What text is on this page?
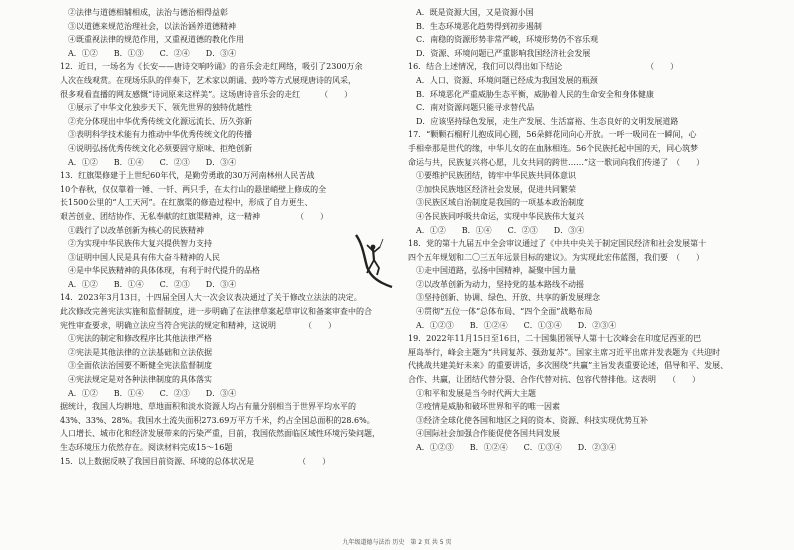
②法律与道德相辅相成，法治与德治相得益彰
③以道德来规范治理社会，以法治涵养道德精神
④既重视法律的规范作用，又重视道德的教化作用
A．①②　　B．①③　　C．②④　　D．③④
12．近日，一场名为《长安——唐诗交响吟诵》的音乐会走红网络，吸引了2300万余
人次在线观赏。在现场乐队的伴奏下，艺术家以朗诵、鼓吟等方式展现唐诗的风采，
很多观看直播的网友感慨“诗词原来这样美”。这场唐诗音乐会的走红　　　（　　）
①展示了中华文化独步天下、领先世界的独特优越性
②充分体现出中华优秀传统文化源远流长、历久弥新
③表明科学技术能有力推动中华优秀传统文化的传播
④说明弘扬优秀传统文化必须要固守原味、拒绝创新
A．①②　　B．①④　　C．②③　　D．③④
13．红旗渠修建于上世纪60年代，是勤劳勇敢的30万河南林州人民苦战
10个春秋，仅仅靠着一锤、一钎、两只手，在太行山的悬崖峭壁上修成的全
长1500公里的“人工天河”。在红旗渠的修造过程中，形成了自力更生、
艰苦创业、团结协作、无私奉献的红旗渠精神，这一精神　　　　　（　　）
①践行了以改革创新为核心的民族精神
②为实现中华民族伟大复兴提供智力支持
③证明中国人民是具有伟大奋斗精神的人民
④是中华民族精神的具体体现，有利于时代提升的品格
A．①②　　B．①④　　C．②③　　D．③④
14．2023年3月13日，十四届全国人大一次会议表决通过了关于修改立法法的决定。
此次修改完善宪法实施和监督制度，进一步明确了在法律草案起草审议和备案审查中的合
宪性审查要求，明确立法应当符合宪法的规定和精神，这说明　　　　（　　）
①宪法的制定和修改程序比其他法律严格
②宪法是其他法律的立法基础和立法依据
③全面依法治国要不断健全宪法监督制度
④宪法规定是对各种法律制度的具体落实
A．①②　　B．①④　　C．②③　　D．③④
据统计，我国人均耕地、草地面积和淡水资源人均占有量分别相当于世界平均水平的
43%、33%、28%。我国水土流失面积273.69万平方千米，约占全国总面积的28.6%。
人口增长、城市化和经济发展带来的污染严重，目前，我国依然面临区域性环境污染问题，
生态环境压力依然存在。阅读材料完成15～16题
15．以上数据反映了我国目前资源、环境的总体状况是　　　　　　（　　）
A．既是资源大国，又是资源小国
B．生态环境恶化趋势得到初步遏制
C．南稳的资源形势非常严峻，环境形势仍不容乐观
D．资源、环境问题已严重影响我国经济社会发展
16．结合上述情况，我们可以得出如下结论　　　　　　　　　　　（　　）
A．人口、资源、环境问题已经成为我国发展的瓶颈
B．环境恶化严重威胁生态平衡，威胁着人民的生命安全和身体健康
C．南对资源问题只能寻求替代品
D．应该坚持绿色发展，走生产发展、生活富裕、生态良好的文明发展道路
17．“颗颗石榴籽儿抱成同心圆，56朵鲜花同向心开放。一呼一吸同在一瞬间，心
手相牵那是世代的缘，中华儿女的在血脉相连。56个民族托起中国的天，同心筑梦
命运与共，民族复兴将心愿，儿女共同的跨世……”这一歌词向我们传递了　（　　）
①要维护民族团结，铸牢中华民族共同体意识
②加快民族地区经济社会发展，促进共同繁荣
③民族区域自治制度是我国的一项基本政治制度
④各民族同呼吸共命运，实现中华民族伟大复兴
A．①②　　B．①④　　C．②③　　D．③④
18．党的第十九届五中全会审议通过了《中共中央关于制定国民经济和社会发展第十
四个五年规划和二〇三五年远景目标的建议》。为实现此宏伟蓝图，我们要　（　　）
①走中国道路，弘扬中国精神，凝聚中国力量
②以改革创新为动力，坚持党的基本路线不动摇
③坚持创新、协调、绿色、开放、共享的新发展理念
④贯彻“五位一体”总体布局、“四个全面”战略布局
A．①②③　　B．①②④　　C．①③④　　D．②③④
19．2022年11月15日至16日，二十国集团领导人第十七次峰会在印度尼西亚的巴
厘岛举行，峰会主题为“共同复苏、强劲复苏”。国家主席习近平出席并发表题为《共迎时
代挑战共建美好未来》的重要讲话，多次围绕“共赢”主旨发表重要论述，倡导和平、发展、
合作、共赢，让团结代替分裂、合作代替对抗、包容代替排他。这表明　　（　　）
①和平和发展是当今时代两大主题
②疫情是威胁和破坏世界和平的唯一因素
③经济全球化使各国和地区之间的资本、资源、科技实现优势互补
④国际社会加强合作能促使各国共同发展
A．①②③　　B．①②④　　C．①③④　　D．②③④
九年级道德与法治 历史　第 2 页 共 5 页
